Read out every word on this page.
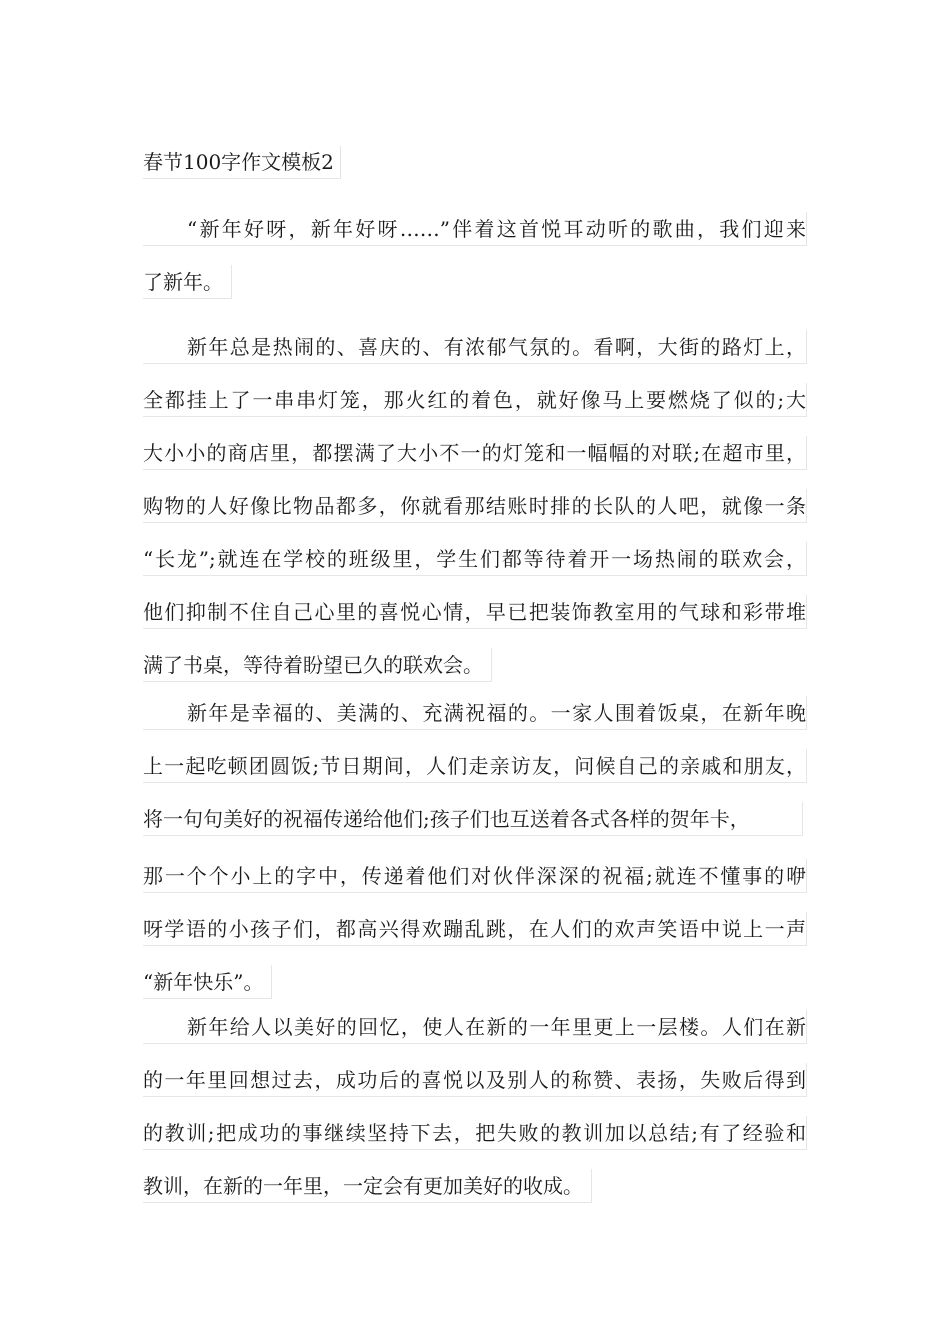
春节100字作文模板2
“新年好呀，新年好呀……”伴着这首悦耳动听的歌曲，我们迎来
了新年。
新年总是热闹的、喜庆的、有浓郁气氛的。看啊，大街的路灯上，
全都挂上了一串串灯笼，那火红的着色，就好像马上要燃烧了似的;大
大小小的商店里，都摆满了大小不一的灯笼和一幅幅的对联;在超市里，
购物的人好像比物品都多，你就看那结账时排的长队的人吧，就像一条
“长龙”;就连在学校的班级里，学生们都等待着开一场热闹的联欢会，
他们抑制不住自己心里的喜悦心情，早已把装饰教室用的气球和彩带堆
满了书桌，等待着盼望已久的联欢会。
新年是幸福的、美满的、充满祝福的。一家人围着饭桌，在新年晚
上一起吃顿团圆饭;节日期间，人们走亲访友，问候自己的亲戚和朋友，
将一句句美好的祝福传递给他们;孩子们也互送着各式各样的贺年卡，
那一个个小上的字中，传递着他们对伙伴深深的祝福;就连不懂事的咿
呀学语的小孩子们，都高兴得欢蹦乱跳，在人们的欢声笑语中说上一声
“新年快乐”。
新年给人以美好的回忆，使人在新的一年里更上一层楼。人们在新
的一年里回想过去，成功后的喜悦以及别人的称赞、表扬，失败后得到
的教训;把成功的事继续坚持下去，把失败的教训加以总结;有了经验和
教训，在新的一年里，一定会有更加美好的收成。
